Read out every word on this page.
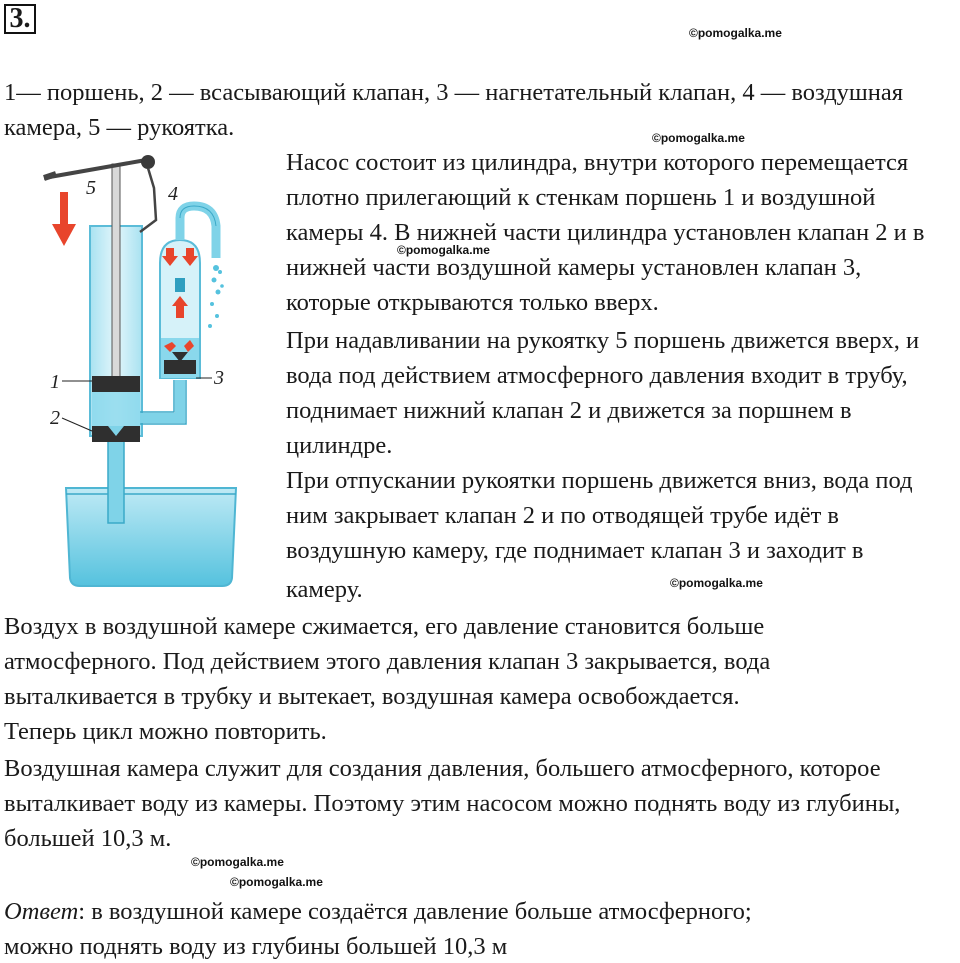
3.	©pomogalka.me
©pomogalka.me
©pomogalka.me
©pomogalka.me
©pomogalka.me
©pomogalka.me
1— поршень, 2 — всасывающий клапан, 3 — нагнетательный клапан, 4 — воздушная
камера, 5 — рукоятка.
5	4
3
1
2
Насос состоит из цилиндра, внутри которого перемещается
плотно прилегающий к стенкам поршень 1 и воздушной
камеры 4. В нижней части цилиндра установлен клапан 2 и в
нижней части воздушной камеры установлен клапан 3,
которые открываются только вверх.
При надавливании на рукоятку 5 поршень движется вверх, и
вода под действием атмосферного давления входит в трубу,
поднимает нижний клапан 2 и движется за поршнем в
цилиндре.
При отпускании рукоятки поршень движется вниз, вода под
ним закрывает клапан 2 и по отводящей трубе идёт в
воздушную камеру, где поднимает клапан 3 и заходит в
камеру.
Воздух в воздушной камере сжимается, его давление становится больше
атмосферного. Под действием этого давления клапан 3 закрывается, вода
выталкивается в трубку и вытекает, воздушная камера освобождается.
Теперь цикл можно повторить.
Воздушная камера служит для создания давления, большего атмосферного, которое
выталкивает воду из камеры. Поэтому этим насосом можно поднять воду из глубины,
большей 10,3 м.
Ответ: в воздушной камере создаётся давление больше атмосферного;
можно поднять воду из глубины большей 10,3 м
